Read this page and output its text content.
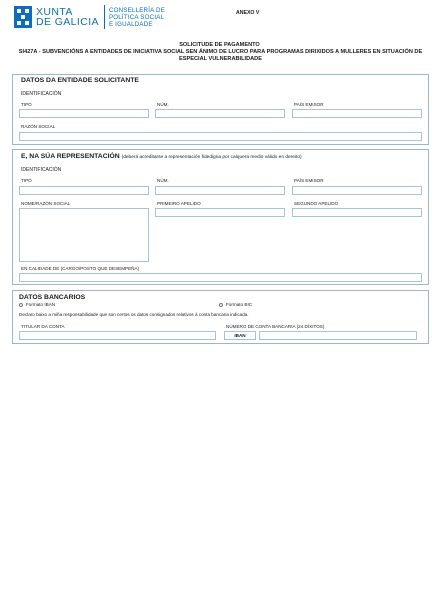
XUNTA
DE GALICIA
CONSELLERÍA DE
POLÍTICA SOCIAL
E IGUALDADE
ANEXO V
SOLICITUDE DE PAGAMENTO
SI427A - SUBVENCIÓNS A ENTIDADES DE INICIATIVA SOCIAL SEN ÁNIMO DE LUCRO PARA PROGRAMAS DIRIXIDOS A MULLERES EN SITUACIÓN DE ESPECIAL VULNERABILIDADE
DATOS DA ENTIDADE SOLICITANTE
IDENTIFICACIÓN
TIPO	NÚM.	PAÍS EMISOR
RAZÓN SOCIAL
E, NA SÚA REPRESENTACIÓN (deberá acreditarse a representación fidedigna por calquera medio válido en dereito)
IDENTIFICACIÓN
TIPO	NÚM.	PAÍS EMISOR
NOME/RAZÓN SOCIAL	PRIMEIRO APELIDO	SEGUNDO APELIDO
EN CALIDADE DE (CARGO/POSTO QUE DESEMPEÑA)
DATOS BANCARIOS
Formato IBAN	Formato BIC
Declaro baixo a miña responsabilidade que son certos os datos consignados relativos á conta bancaria indicada.
TITULAR DA CONTA	NÚMERO DE CONTA BANCARIA (24 DÍXITOS)
IBAN
